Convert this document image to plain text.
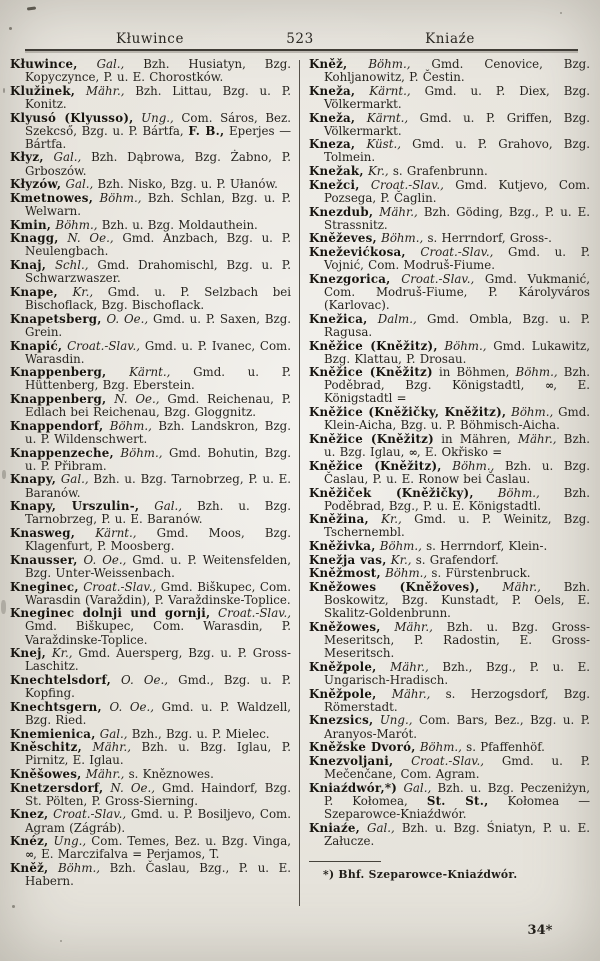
Kłuwince	523	Kniaźe

Kłuwince, Gal., Bzh. Husiatyn, Bzg. Kopyczynce, P. u. E. Chorostków.

Klužinek, Mähr., Bzh. Littau, Bzg. u. P. Konitz.

Klyusó (Klyusso), Ung., Com. Sáros, Bez. Szekcső, Bzg. u. P. Bártfa, F. B., Eperjes — Bártfa.

Kłyz, Gal., Bzh. Dąbrowa, Bzg. Żabno, P. Grboszów.

Kłyzów, Gal., Bzh. Nisko, Bzg. u. P. Ułanów.

Kmetnowes, Böhm., Bzh. Schlan, Bzg. u. P. Welwarn.

Kmin, Böhm., Bzh. u. Bzg. Moldauthein.

Knagg, N. Oe., Gmd. Anzbach, Bzg. u. P. Neulengbach.

Knaj, Schl., Gmd. Drahomischl, Bzg. u. P. Schwarzwaszer.

Knape, Kr., Gmd. u. P. Selzbach bei Bischoflack, Bzg. Bischoflack.

Knapetsberg, O. Oe., Gmd. u. P. Saxen, Bzg. Grein.

Knapić, Croat.-Slav., Gmd. u. P. Ivanec, Com. Warasdin.

Knappenberg, Kärnt., Gmd. u. P. Hüttenberg, Bzg. Eberstein.

Knappenberg, N. Oe., Gmd. Reichenau, P. Edlach bei Reichenau, Bzg. Gloggnitz.

Knappendorf, Böhm., Bzh. Landskron, Bzg. u. P. Wildenschwert.

Knappenzeche, Böhm., Gmd. Bohutin, Bzg. u. P. Přibram.

Knapy, Gal., Bzh. u. Bzg. Tarnobrzeg, P. u. E. Baranów.

Knapy, Urszulin-, Gal., Bzh. u. Bzg. Tarnobrzeg, P. u. E. Baranów.

Knasweg, Kärnt., Gmd. Moos, Bzg. Klagenfurt, P. Moosberg.

Knausser, O. Oe., Gmd. u. P. Weitensfelden, Bzg. Unter-Weissenbach.

Kneginec, Croat.-Slav., Gmd. Biškupec, Com. Warasdin (Varaždin), P. Varaždinske-Toplice.

Kneginec dolnji und gornji, Croat.-Slav., Gmd. Biškupec, Com. Warasdin, P. Varaždinske-Toplice.

Knej, Kr., Gmd. Auersperg, Bzg. u. P. Gross-Laschitz.

Knechtelsdorf, O. Oe., Gmd., Bzg. u. P. Kopfing.

Knechtsgern, O. Oe., Gmd. u. P. Waldzell, Bzg. Ried.

Knemienica, Gal., Bzh., Bzg. u. P. Mielec.

Kněschitz, Mähr., Bzh. u. Bzg. Iglau, P. Pirnitz, E. Iglau.

Kněšowes, Mähr., s. Kněznowes.

Knetzersdorf, N. Oe., Gmd. Haindorf, Bzg. St. Pölten, P. Gross-Sierning.

Knez, Croat.-Slav., Gmd. u. P. Bosiljevo, Com. Agram (Zágráb).

Knéz, Ung., Com. Temes, Bez. u. Bzg. Vinga, ∞, E. Marczifalva = Perjamos, T.

Kněž, Böhm., Bzh. Časlau, Bzg., P. u. E. Habern.

Kněž, Böhm., Gmd. Cenovice, Bzg. Kohljanowitz, P. Čestin.

Kneža, Kärnt., Gmd. u. P. Diex, Bzg. Völkermarkt.

Kneža, Kärnt., Gmd. u. P. Griffen, Bzg. Völkermarkt.

Kneza, Küst., Gmd. u. P. Grahovo, Bzg. Tolmein.

Knežak, Kr., s. Grafenbrunn.

Knežci, Croat.-Slav., Gmd. Kutjevo, Com. Pozsega, P. Čaglin.

Knezdub, Mähr., Bzh. Göding, Bzg., P. u. E. Strassnitz.

Kněževes, Böhm., s. Herrndorf, Gross-.

Kneževićkosa, Croat.-Slav., Gmd. u. P. Vojnić, Com. Modruš-Fiume.

Knezgorica, Croat.-Slav., Gmd. Vukmanić, Com. Modruš-Fiume, P. Károlyváros (Karlovac).

Knežica, Dalm., Gmd. Ombla, Bzg. u. P. Ragusa.

Kněžice (Kněžitz), Böhm., Gmd. Lukawitz, Bzg. Klattau, P. Drosau.

Kněžice (Kněžitz) in Böhmen, Böhm., Bzh. Poděbrad, Bzg. Königstadtl, ∞, E. Königstadtl =

Kněžice (Kněžičky, Kněžitz), Böhm., Gmd. Klein-Aicha, Bzg. u. P. Böhmisch-Aicha.

Kněžice (Kněžitz) in Mähren, Mähr., Bzh. u. Bzg. Iglau, ∞, E. Okřisko =

Kněžice (Kněžitz), Böhm., Bzh. u. Bzg. Časlau, P. u. E. Ronow bei Časlau.

Kněžiček (Kněžičky), Böhm., Bzh. Poděbrad, Bzg., P. u. E. Königstadtl.

Kněžina, Kr., Gmd. u. P. Weinitz, Bzg. Tschernembl.

Kněživka, Böhm., s. Herrndorf, Klein-.

Knežja vas, Kr., s. Grafendorf.

Kněžmost, Böhm., s. Fürstenbruck.

Kněžowes (Kněžoves), Mähr., Bzh. Boskowitz, Bzg. Kunstadt, P. Oels, E. Skalitz-Goldenbrunn.

Kněžowes, Mähr., Bzh. u. Bzg. Gross-Meseritsch, P. Radostin, E. Gross-Meseritsch.

Kněžpole, Mähr., Bzh., Bzg., P. u. E. Ungarisch-Hradisch.

Kněžpole, Mähr., s. Herzogsdorf, Bzg. Römerstadt.

Knezsics, Ung., Com. Bars, Bez., Bzg. u. P. Aranyos-Marót.

Kněžske Dvoró, Böhm., s. Pfaffenhöf.

Knezvoljani, Croat.-Slav., Gmd. u. P. Mečenčane, Com. Agram.

Kniaźdwór,*) Gal., Bzh. u. Bzg. Peczeniżyn, P. Kołomea, St. St., Kołomea — Szeparowce-Kniaźdwór.

Kniaźe, Gal., Bzh. u. Bzg. Śniatyn, P. u. E. Załucze.

*) Bhf. Szeparowce-Kniaźdwór.
34*
